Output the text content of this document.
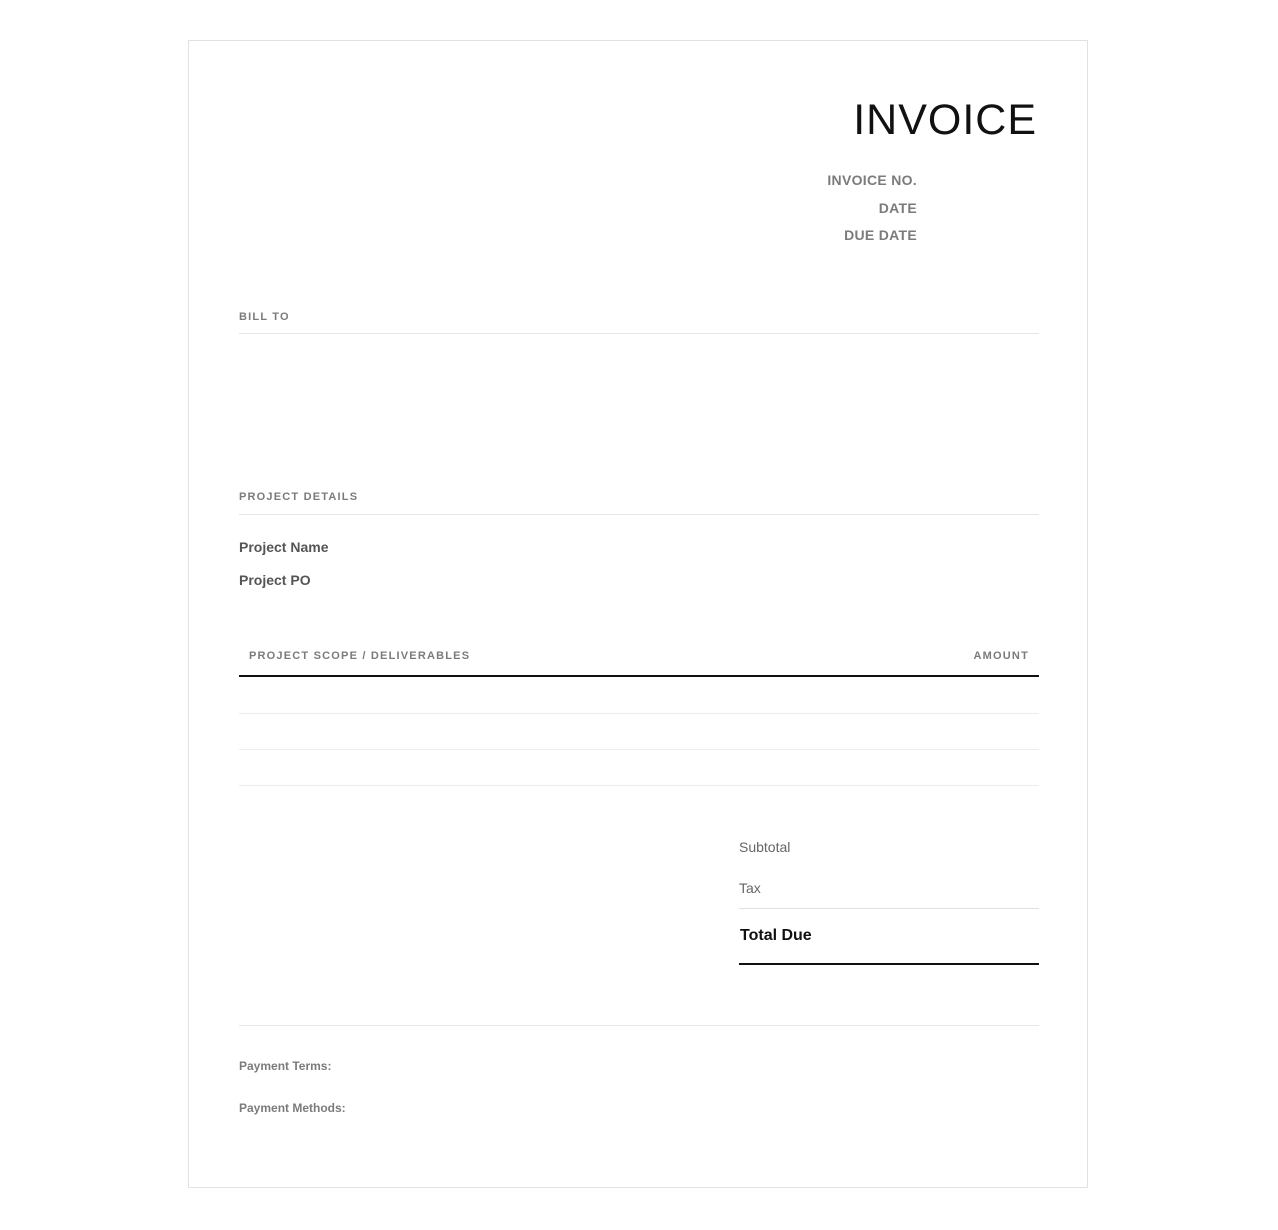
INVOICE
INVOICE NO.
DATE
DUE DATE
BILL TO
PROJECT DETAILS
Project Name
Project PO
PROJECT SCOPE / DELIVERABLES	AMOUNT
Subtotal
Tax
Total Due
Payment Terms:
Payment Methods:
